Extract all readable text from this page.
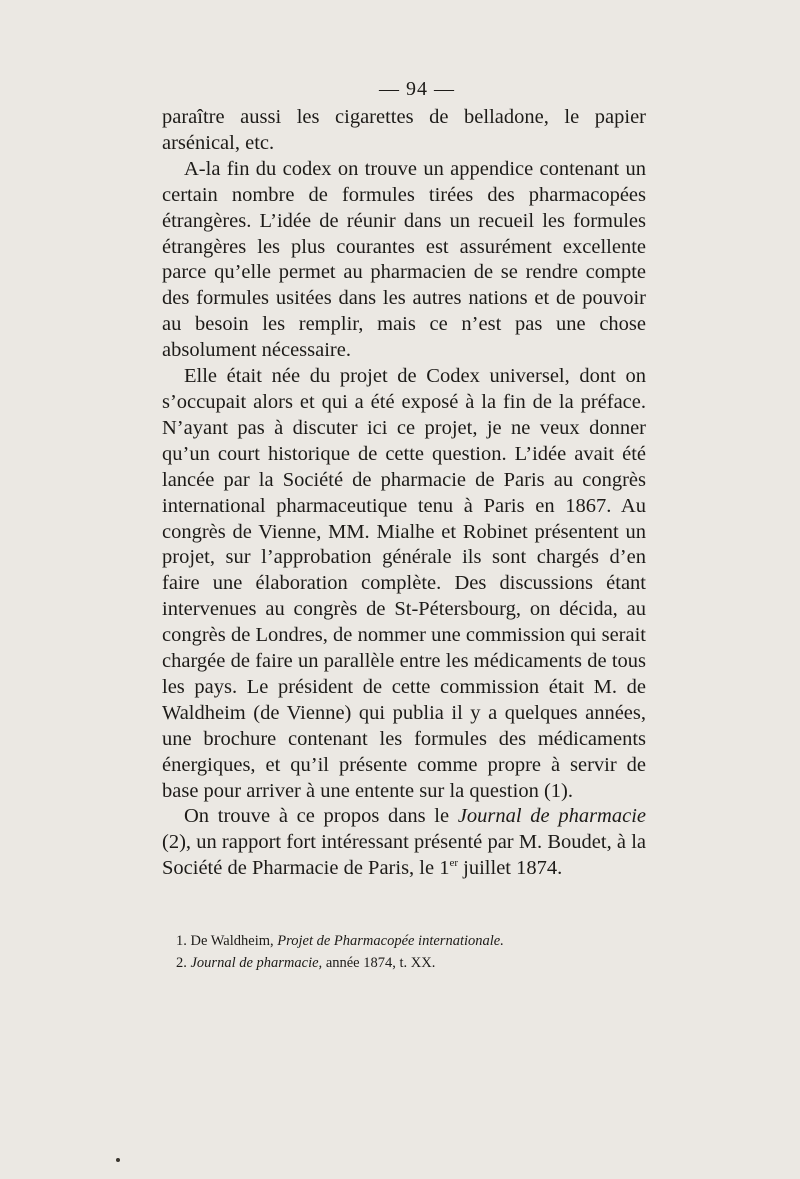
— 94 —

paraître aussi les cigarettes de belladone, le papier arsénical, etc.

A-la fin du codex on trouve un appendice contenant un certain nombre de formules tirées des pharmacopées étrangères. L’idée de réunir dans un recueil les formules étrangères les plus courantes est assurément excellente parce qu’elle permet au pharmacien de se rendre compte des formules usitées dans les autres nations et de pouvoir au besoin les remplir, mais ce n’est pas une chose absolument nécessaire.

Elle était née du projet de Codex universel, dont on s’occupait alors et qui a été exposé à la fin de la préface. N’ayant pas à discuter ici ce projet, je ne veux donner qu’un court historique de cette question. L’idée avait été lancée par la Société de pharmacie de Paris au congrès international pharmaceutique tenu à Paris en 1867. Au congrès de Vienne, MM. Mialhe et Robinet présentent un projet, sur l’approbation générale ils sont chargés d’en faire une élaboration complète. Des discussions étant intervenues au congrès de St-Pétersbourg, on décida, au congrès de Londres, de nommer une commission qui serait chargée de faire un parallèle entre les médicaments de tous les pays. Le président de cette commission était M. de Waldheim (de Vienne) qui publia il y a quelques années, une brochure contenant les formules des médicaments énergiques, et qu’il présente comme propre à servir de base pour arriver à une entente sur la question (1).

On trouve à ce propos dans le Journal de pharmacie (2), un rapport fort intéressant présenté par M. Boudet, à la Société de Pharmacie de Paris, le 1er juillet 1874.

1. De Waldheim, Projet de Pharmacopée internationale.
2. Journal de pharmacie, année 1874, t. XX.
